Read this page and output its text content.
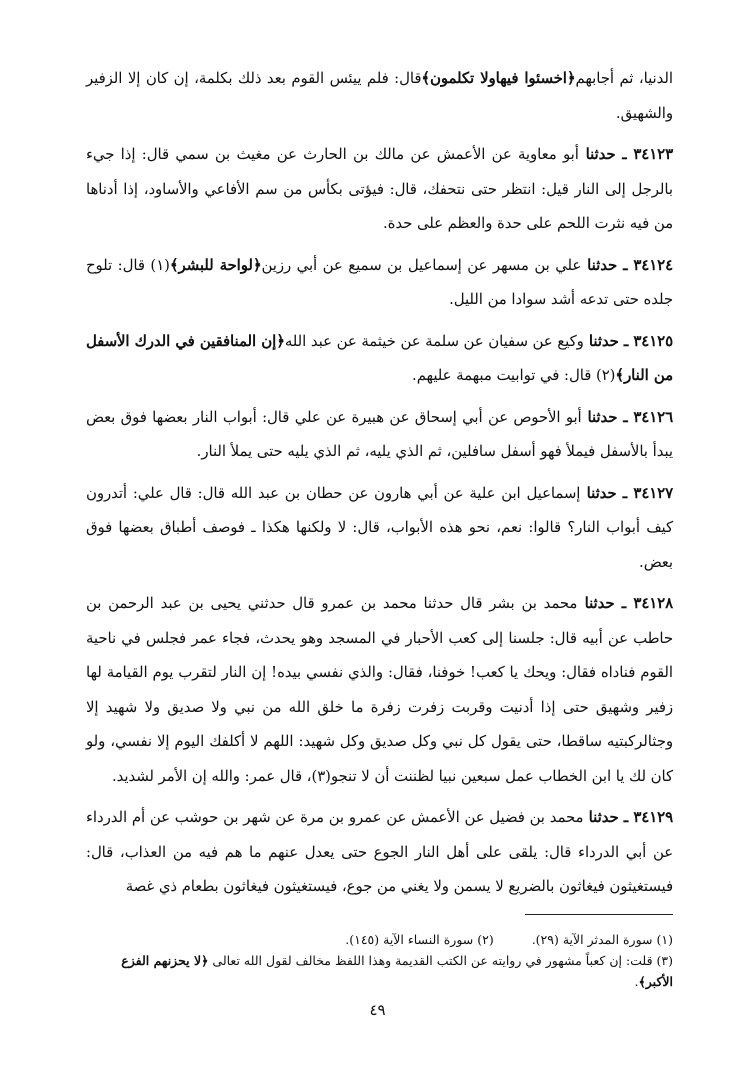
الدنيا، ثم أجابهم﴿اخسئوا فيهاولا تكلمون﴾قال: فلم ييئس القوم بعد ذلك بكلمة، إن كان إلا الزفير والشهيق.

٣٤١٢٣ ـ حدثنا أبو معاوية عن الأعمش عن مالك بن الحارث عن مغيث بن سمي قال: إذا جيء بالرجل إلى النار قيل: انتظر حتى نتحفك، قال: فيؤتى بكأس من سم الأفاعي والأساود، إذا أدناها من فيه نثرت اللحم على حدة والعظم على حدة.

٣٤١٢٤ ـ حدثنا علي بن مسهر عن إسماعيل بن سميع عن أبي رزين﴿لواحة للبشر﴾(١) قال: تلوح جلده حتى تدعه أشد سوادا من الليل.

٣٤١٢٥ ـ حدثنا وكيع عن سفيان عن سلمة عن خيثمة عن عبد الله﴿إن المنافقين في الدرك الأسفل من النار﴾(٢) قال: في توابيت مبهمة عليهم.

٣٤١٢٦ ـ حدثنا أبو الأحوص عن أبي إسحاق عن هبيرة عن علي قال: أبواب النار بعضها فوق بعض يبدأ بالأسفل فيملأ فهو أسفل سافلين، ثم الذي يليه، ثم الذي يليه حتى يملأ النار.

٣٤١٢٧ ـ حدثنا إسماعيل ابن علية عن أبي هارون عن حطان بن عبد الله قال: قال علي: أتدرون كيف أبواب النار؟ قالوا: نعم، نحو هذه الأبواب، قال: لا ولكنها هكذا ـ فوصف أطباق بعضها فوق بعض.

٣٤١٢٨ ـ حدثنا محمد بن بشر قال حدثنا محمد بن عمرو قال حدثني يحيى بن عبد الرحمن بن حاطب عن أبيه قال: جلسنا إلى كعب الأحبار في المسجد وهو يحدث، فجاء عمر فجلس في ناحية القوم فناداه فقال: ويحك يا كعب! خوفنا، فقال: والذي نفسي بيده! إن النار لتقرب يوم القيامة لها زفير وشهيق حتى إذا أدنيت وقربت زفرت زفرة ما خلق الله من نبي ولا صديق ولا شهيد إلا وجثالركبتيه ساقطا، حتى يقول كل نبي وكل صديق وكل شهيد: اللهم لا أكلفك اليوم إلا نفسي، ولو كان لك يا ابن الخطاب عمل سبعين نبيا لظننت أن لا تنجو(٣)، قال عمر: والله إن الأمر لشديد.

٣٤١٢٩ ـ حدثنا محمد بن فضيل عن الأعمش عن عمرو بن مرة عن شهر بن حوشب عن أم الدرداء عن أبي الدرداء قال: يلقى على أهل النار الجوع حتى يعدل عنهم ما هم فيه من العذاب، قال: فيستغيثون فيغاثون بالضريع لا يسمن ولا يغني من جوع، فيستغيثون فيغاثون بطعام ذي غصة

(١) سورة المدثر الآية (٢٩).  (٢) سورة النساء الآية (١٤٥).

(٣) قلت: إن كعباً مشهور في روايته عن الكتب القديمة وهذا اللفظ مخالف لقول الله تعالى ﴿لا يحزنهم الفزع الأكبر﴾.

٤٩
